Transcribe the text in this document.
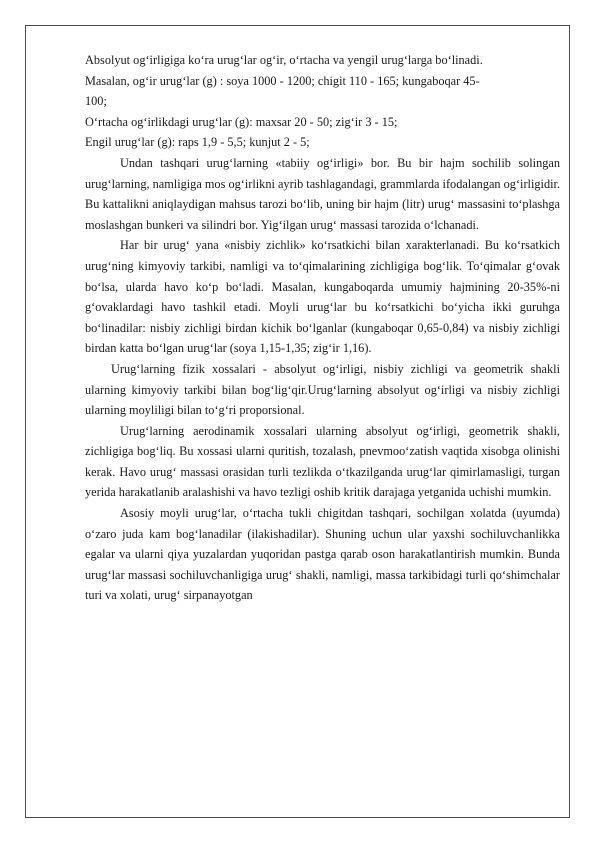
Absolyut og‘irligiga ko‘ra urug‘lar og‘ir, o‘rtacha va yengil urug‘larga bo‘linadi.

Masalan, og‘ir urug‘lar (g) : soya 1000 - 1200; chigit 110 - 165; kungaboqar 45-

100;

O‘rtacha og‘irlikdagi urug‘lar (g): maxsar 20 - 50; zig‘ir 3 - 15;

Engil urug‘lar (g): raps 1,9 - 5,5; kunjut 2 - 5;

Undan tashqari urug‘larning «tabiiy og‘irligi» bor. Bu bir hajm sochilib solingan urug‘larning, namligiga mos og‘irlikni ayrib tashlagandagi, grammlarda ifodalangan og‘irligidir. Bu kattalikni aniqlaydigan mahsus tarozi bo‘lib, uning bir hajm (litr) urug‘ massasini to‘plashga moslashgan bunkeri va silindri bor. Yig‘ilgan urug‘ massasi tarozida o‘lchanadi.

Har bir urug‘ yana «nisbiy zichlik» ko‘rsatkichi bilan xarakterlanadi. Bu ko‘rsatkich urug‘ning kimyoviy tarkibi, namligi va to‘qimalarining zichligiga bog‘lik. To‘qimalar g‘ovak bo‘lsa, ularda havo ko‘p bo‘ladi. Masalan, kungaboqarda umumiy hajmining 20-35%-ni g‘ovaklardagi havo tashkil etadi. Moyli urug‘lar bu ko‘rsatkichi bo‘yicha ikki guruhga bo‘linadilar: nisbiy zichligi birdan kichik bo‘lganlar (kungaboqar 0,65-0,84) va nisbiy zichligi birdan katta bo‘lgan urug‘lar (soya 1,15-1,35; zig‘ir 1,16).

Urug‘larning fizik xossalari - absolyut og‘irligi, nisbiy zichligi va geometrik shakli ularning kimyoviy tarkibi bilan bog‘lig‘qir.Urug‘larning absolyut og‘irligi va nisbiy zichligi ularning moyliligi bilan to‘g‘ri proporsional.

Urug‘larning aerodinamik xossalari ularning absolyut og‘irligi, geometrik shakli, zichligiga bog‘liq. Bu xossasi ularni quritish, tozalash, pnevmoo‘zatish vaqtida xisobga olinishi kerak. Havo urug‘ massasi orasidan turli tezlikda o‘tkazilganda urug‘lar qimirlamasligi, turgan yerida harakatlanib aralashishi va havo tezligi oshib kritik darajaga yetganida uchishi mumkin.

Asosiy moyli urug‘lar, o‘rtacha tukli chigitdan tashqari, sochilgan xolatda (uyumda) o‘zaro juda kam bog‘lanadilar (ilakishadilar). Shuning uchun ular yaxshi sochiluvchanlikka egalar va ularni qiya yuzalardan yuqoridan pastga qarab oson harakatlantirish mumkin. Bunda urug‘lar massasi sochiluvchanligiga urug‘ shakli, namligi, massa tarkibidagi turli qo‘shimchalar turi va xolati, urug‘ sirpanayotgan
